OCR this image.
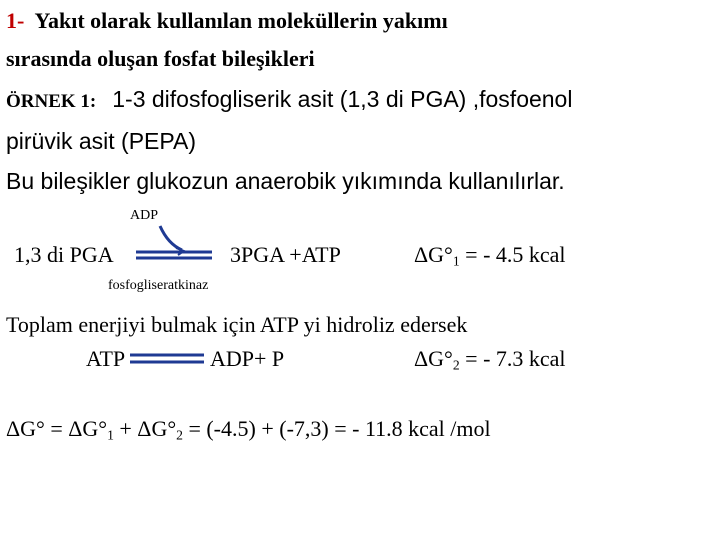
1- Yakıt olarak kullanılan moleküllerin yakımı
sırasında oluşan fosfat bileşikleri
ÖRNEK 1: 1-3 difosfogliserik asit (1,3 di PGA) ,fosfoenol
pirüvik asit (PEPA)
Bu bileşikler glukozun anaerobik yıkımında kullanılırlar.
ADP
1,3 di PGA	3PGA +ATP	$\Delta G^\circ_1$ = - 4.5 kcal
fosfogliseratkinaz
Toplam enerjiyi bulmak için ATP yi hidroliz edersek
ATP	ADP+ P	$\Delta G^\circ_2$ = - 7.3 kcal
$\Delta G^\circ = \Delta G^\circ_1 + \Delta G^\circ_2 = (-4.5) + (-7,3)$ = - 11.8 kcal /mol
